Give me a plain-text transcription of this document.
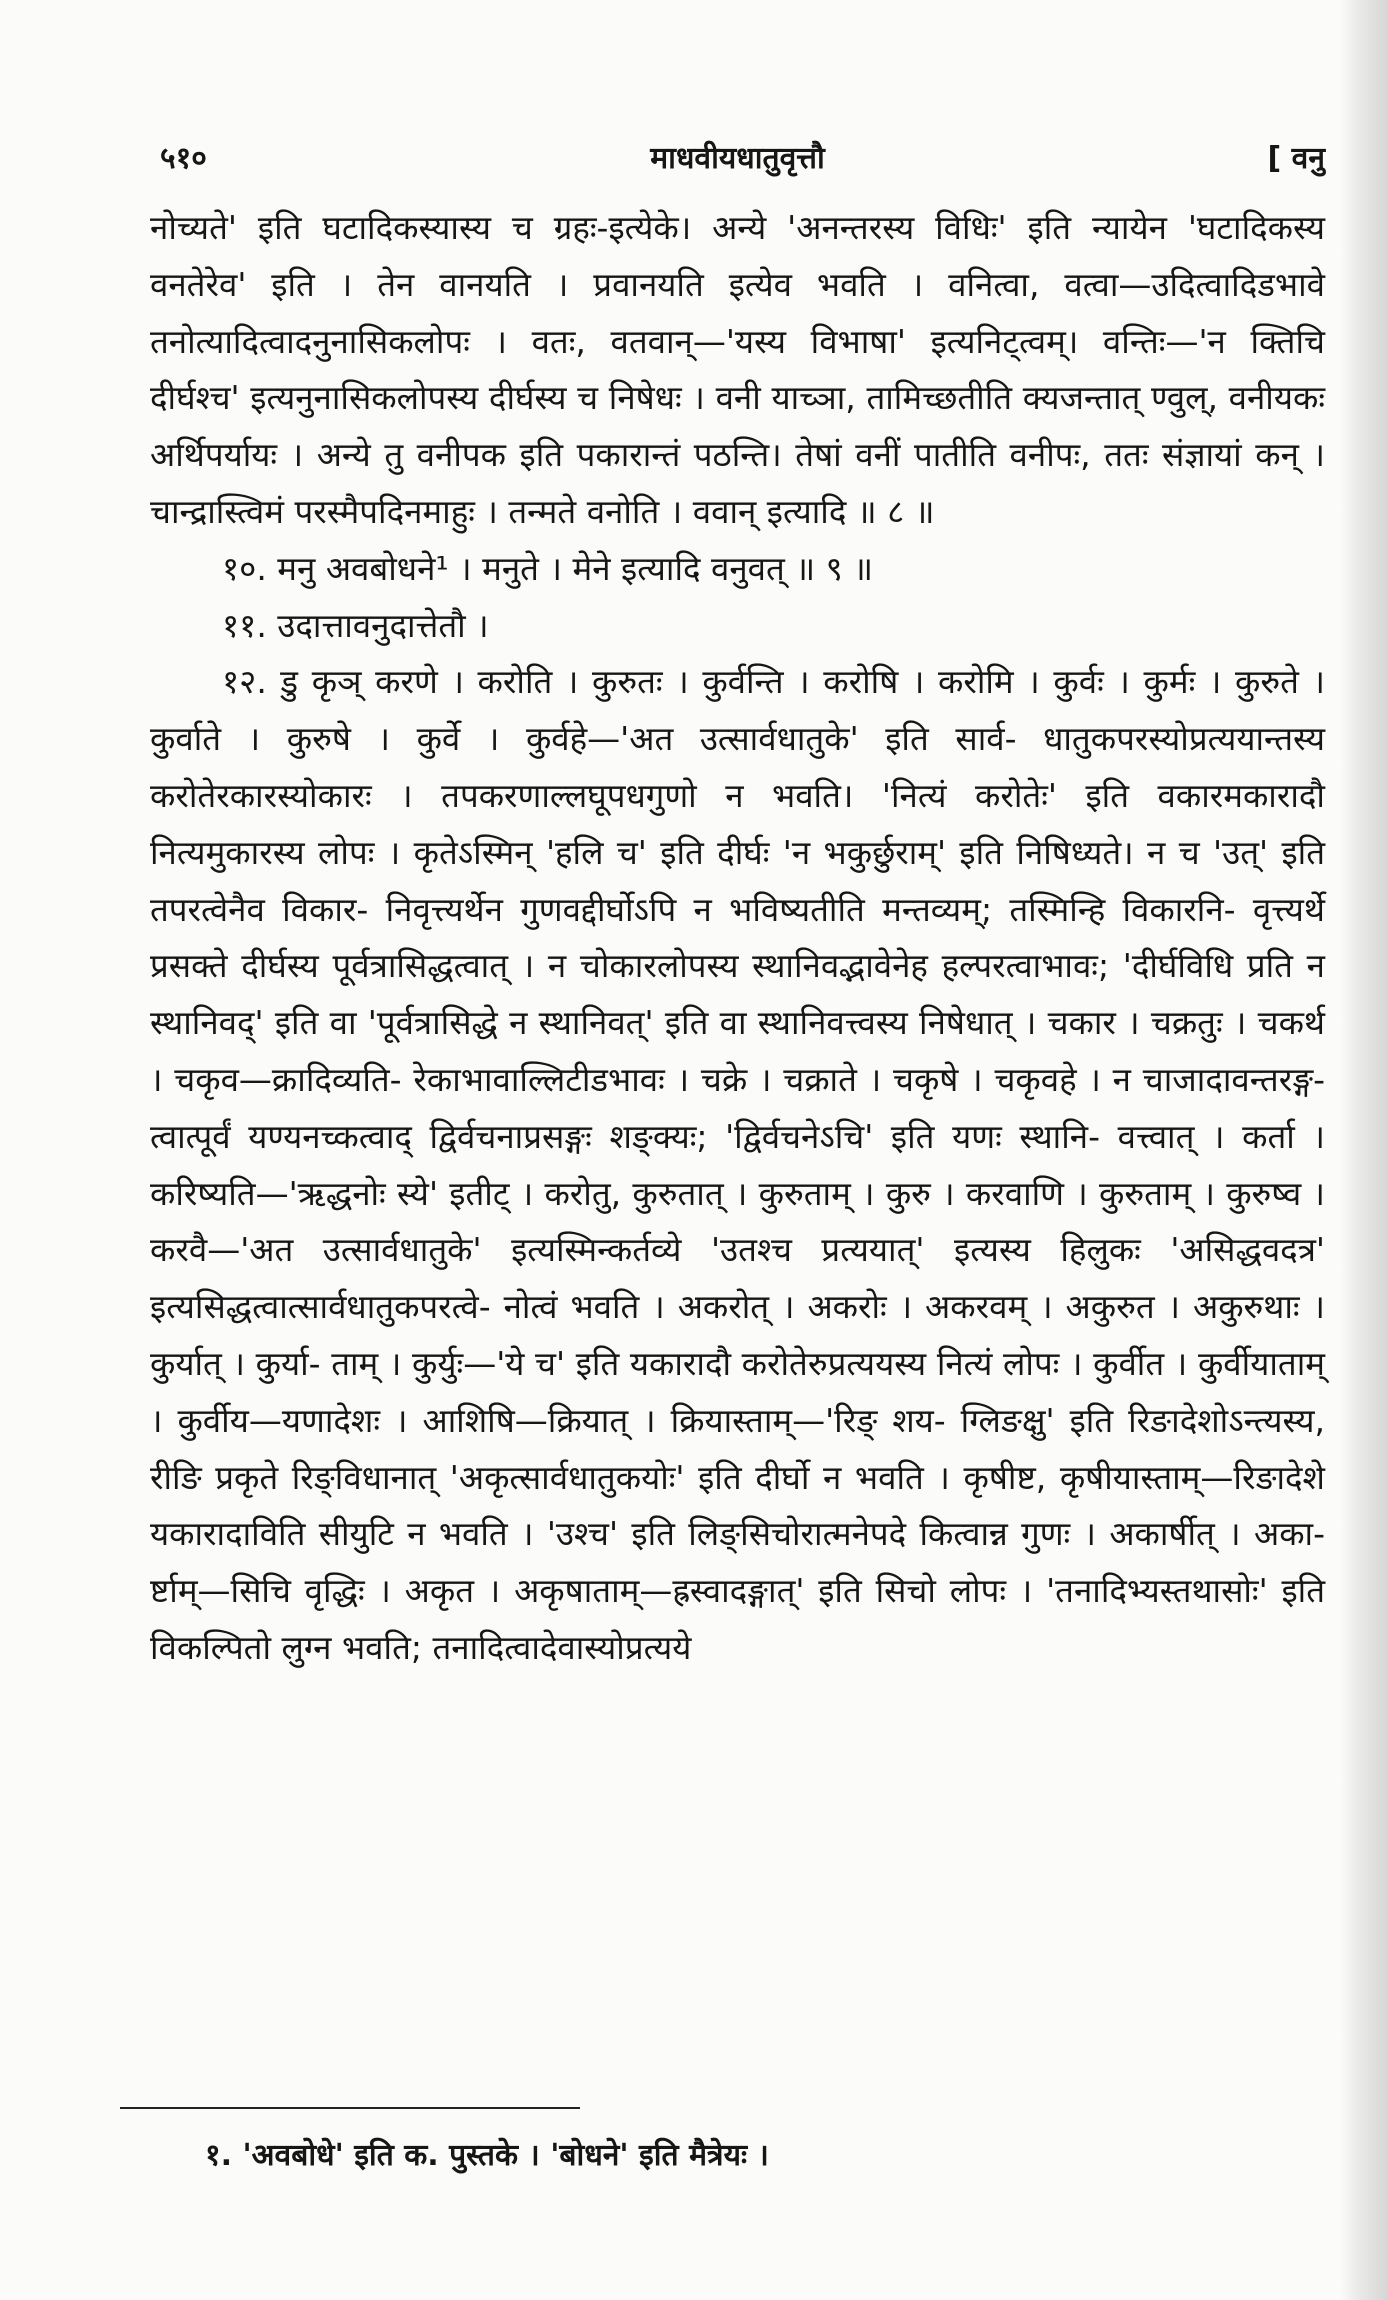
५१०	माधवीयधातुवृत्तौ	[ वनु

नोच्यते' इति घटादिकस्यास्य च ग्रहः-इत्येके। अन्ये 'अनन्तरस्य विधिः' इति न्यायेन 'घटादिकस्य वनतेरेव' इति । तेन वानयति । प्रवानयति इत्येव भवति । वनित्वा, वत्वा—उदित्वादिडभावे तनोत्यादित्वादनुनासिकलोपः । वतः, वतवान्—'यस्य विभाषा' इत्यनिट्त्वम्। वन्तिः—'न क्तिचि दीर्घश्च' इत्यनुनासिकलोपस्य दीर्घस्य च निषेधः । वनी याच्ञा, तामिच्छतीति क्यजन्तात् ण्वुल्, वनीयकः अर्थिपर्यायः । अन्ये तु वनीपक इति पकारान्तं पठन्ति। तेषां वनीं पातीति वनीपः, ततः संज्ञायां कन् । चान्द्रास्त्विमं परस्मैपदिनमाहुः । तन्मते वनोति । ववान् इत्यादि ॥ ८ ॥

१०. मनु अवबोधने¹ । मनुते । मेने इत्यादि वनुवत् ॥ ९ ॥

११. उदात्तावनुदात्तेतौ ।

१२. डु कृञ् करणे । करोति । कुरुतः । कुर्वन्ति । करोषि । करोमि । कुर्वः । कुर्मः । कुरुते । कुर्वाते । कुरुषे । कुर्वे । कुर्वहे—'अत उत्सार्वधातुके' इति सार्व- धातुकपरस्योप्रत्ययान्तस्य करोतेरकारस्योकारः । तपकरणाल्लघूपधगुणो न भवति। 'नित्यं करोतेः' इति वकारमकारादौ नित्यमुकारस्य लोपः । कृतेऽस्मिन् 'हलि च' इति दीर्घः 'न भकुर्छुराम्' इति निषिध्यते। न च 'उत्' इति तपरत्वेनैव विकार- निवृत्त्यर्थेन गुणवद्दीर्घोऽपि न भविष्यतीति मन्तव्यम्; तस्मिन्हि विकारनि- वृत्त्यर्थे प्रसक्ते दीर्घस्य पूर्वत्रासिद्धत्वात् । न चोकारलोपस्य स्थानिवद्भावेनेह हल्परत्वाभावः; 'दीर्घविधि प्रति न स्थानिवद्' इति वा 'पूर्वत्रासिद्धे न स्थानिवत्' इति वा स्थानिवत्त्वस्य निषेधात् । चकार । चक्रतुः । चकर्थ । चकृव—क्रादिव्यति- रेकाभावाल्लिटीडभावः । चक्रे । चक्राते । चकृषे । चकृवहे । न चाजादावन्तरङ्ग- त्वात्पूर्वं यण्यनच्कत्वाद् द्विर्वचनाप्रसङ्गः शङ्क्यः; 'द्विर्वचनेऽचि' इति यणः स्थानि- वत्त्वात् । कर्ता । करिष्यति—'ऋद्धनोः स्ये' इतीट् । करोतु, कुरुतात् । कुरुताम् । कुरु । करवाणि । कुरुताम् । कुरुष्व । करवै—'अत उत्सार्वधातुके' इत्यस्मिन्कर्तव्ये 'उतश्च प्रत्ययात्' इत्यस्य हिलुकः 'असिद्धवदत्र' इत्यसिद्धत्वात्सार्वधातुकपरत्वे- नोत्वं भवति । अकरोत् । अकरोः । अकरवम् । अकुरुत । अकुरुथाः । कुर्यात् । कुर्या- ताम् । कुर्युः—'ये च' इति यकारादौ करोतेरुप्रत्ययस्य नित्यं लोपः । कुर्वीत । कुर्वीयाताम् । कुर्वीय—यणादेशः । आशिषि—क्रियात् । क्रियास्ताम्—'रिङ् शय- ग्लिङक्षु' इति रिङादेशोऽन्त्यस्य, रीङि प्रकृते रिङ्विधानात् 'अकृत्सार्वधातुकयोः' इति दीर्घो न भवति । कृषीष्ट, कृषीयास्ताम्—रिङादेशे यकारादाविति सीयुटि न भवति । 'उश्च' इति लिङ्सिचोरात्मनेपदे कित्वान्न गुणः । अकार्षीत् । अका- र्ष्टाम्—सिचि वृद्धिः । अकृत । अकृषाताम्—ह्रस्वादङ्गात्' इति सिचो लोपः । 'तनादिभ्यस्तथासोः' इति विकल्पितो लुग्न भवति; तनादित्वादेवास्योप्रत्यये

१. 'अवबोधे' इति क. पुस्तके । 'बोधने' इति मैत्रेयः ।
